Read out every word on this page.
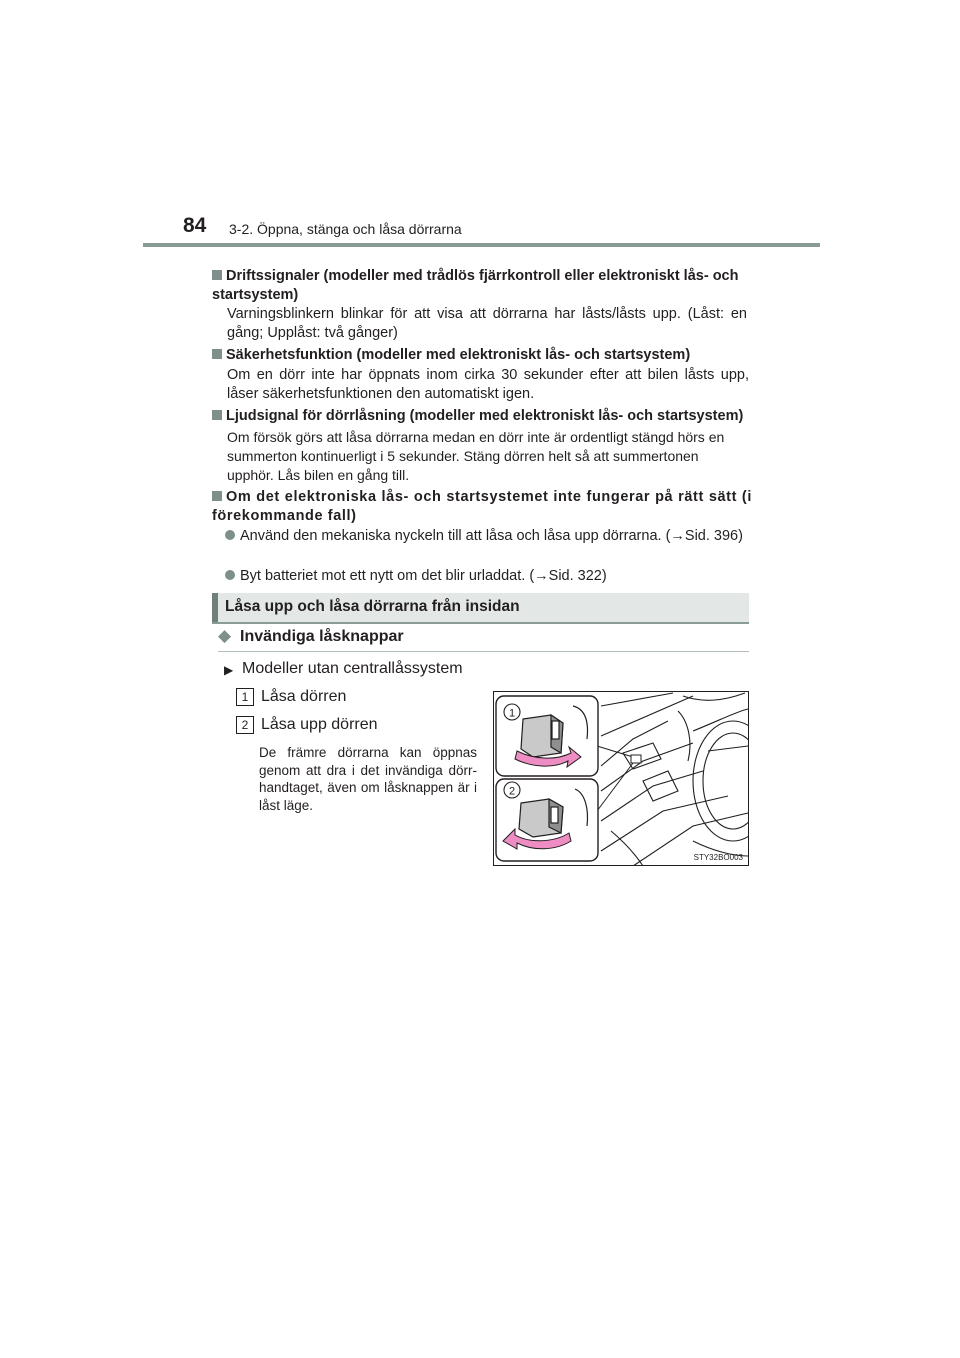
84 3-2. Öppna, stänga och låsa dörrarna
Driftssignaler (modeller med trådlös fjärrkontroll eller elektroniskt lås- och startsystem)
Varningsblinkern blinkar för att visa att dörrarna har låsts/låsts upp. (Låst: en gång; Upplåst: två gånger)
Säkerhetsfunktion (modeller med elektroniskt lås- och startsystem)
Om en dörr inte har öppnats inom cirka 30 sekunder efter att bilen låsts upp, låser säkerhetsfunktionen den automatiskt igen.
Ljudsignal för dörrlåsning (modeller med elektroniskt lås- och startsystem)
Om försök görs att låsa dörrarna medan en dörr inte är ordentligt stängd hörs en summerton kontinuerligt i 5 sekunder. Stäng dörren helt så att summertonen upphör. Lås bilen en gång till.
Om det elektroniska lås- och startsystemet inte fungerar på rätt sätt (i förekommande fall)
Använd den mekaniska nyckeln till att låsa och låsa upp dörrarna. (→Sid. 396)
Byt batteriet mot ett nytt om det blir urladdat. (→Sid. 322)
Låsa upp och låsa dörrarna från insidan
◆ Invändiga låsknappar
▶ Modeller utan centrallåssystem
1 Låsa dörren
2 Låsa upp dörren
De främre dörrarna kan öppnas genom att dra i det invändiga dörr-handtaget, även om låsknappen är i låst läge.
1
2
STY32BO003
